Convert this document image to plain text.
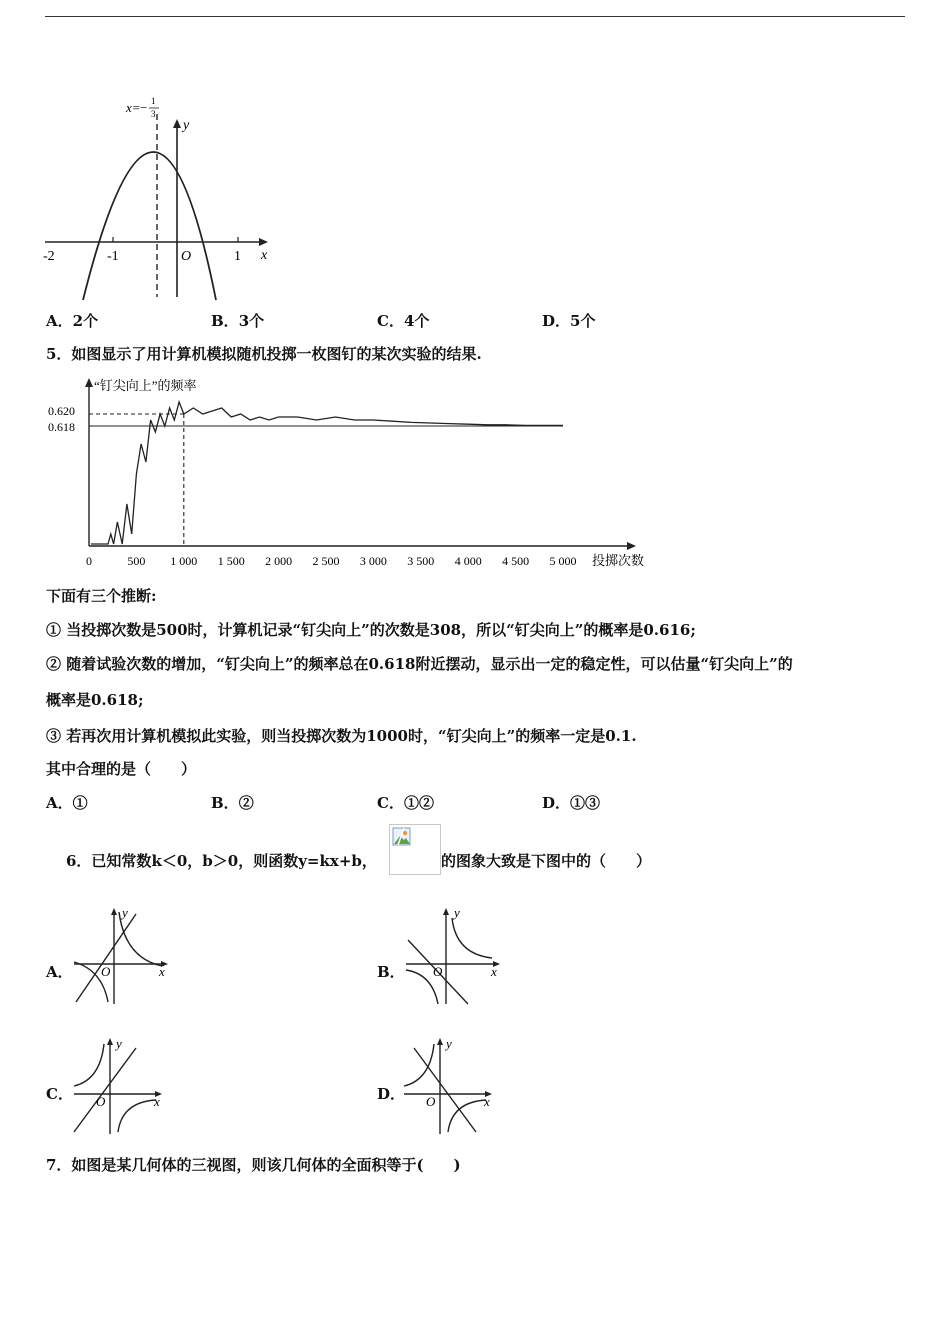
x= − 1
3
y
x
O
-2	-1	1
A．2个	B．3个	C．4个	D．5个
5．如图显示了用计算机模拟随机投掷一枚图钉的某次实验的结果.
“钉尖向上”的频率
投掷次数
0.620
0.618
0	500 1 000 1 500 2 000 2 500 3 000 3 500 4 000 4 500 5 000
下面有三个推断:
① 当投掷次数是500时，计算机记录“钉尖向上”的次数是308，所以“钉尖向上”的概率是0.616;
② 随着试验次数的增加，“钉尖向上”的频率总在0.618附近摆动，显示出一定的稳定性，可以估量“钉尖向上”的
概率是0.618;
③ 若再次用计算机模拟此实验，则当投掷次数为1000时，“钉尖向上”的频率一定是0.1.
其中合理的是（　　）
A．①	B．②	C．①②	D．①③
6．已知常数k＜0，b＞0，则函数y=kx+b，	的图象大致是下图中的（　　）
A．	B．
C．	D．
y
x
O
y
x
O
y
x
O
y
x
O
7．如图是某几何体的三视图，则该几何体的全面积等于(　　)
